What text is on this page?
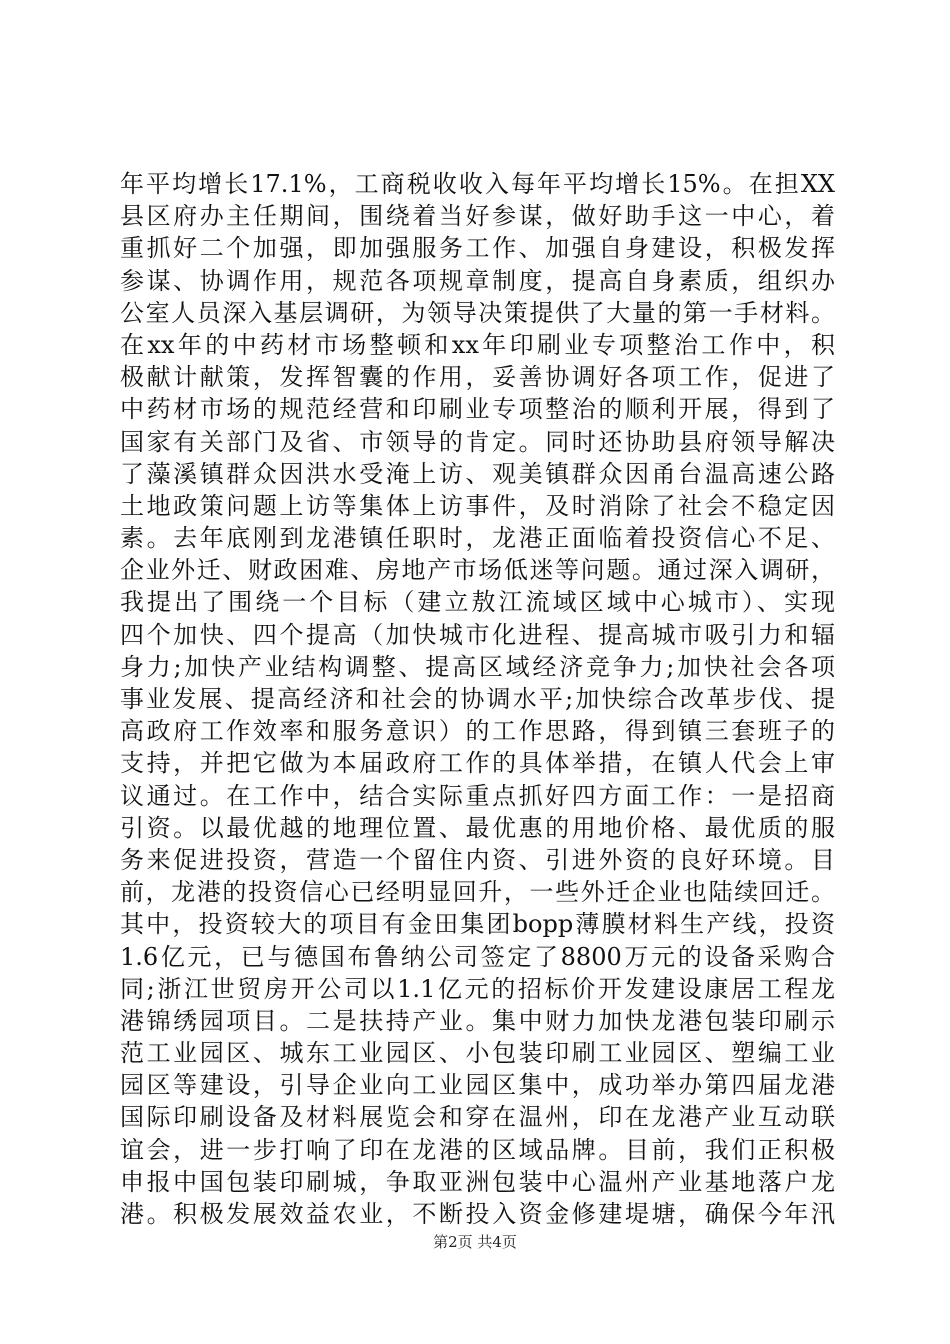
年平均增长17.1%，工商税收收入每年平均增长15%。在担XX
县区府办主任期间，围绕着当好参谋，做好助手这一中心，着
重抓好二个加强，即加强服务工作、加强自身建设，积极发挥
参谋、协调作用，规范各项规章制度，提高自身素质，组织办
公室人员深入基层调研，为领导决策提供了大量的第一手材料。
在xx年的中药材市场整顿和xx年印刷业专项整治工作中，积
极献计献策，发挥智囊的作用，妥善协调好各项工作，促进了
中药材市场的规范经营和印刷业专项整治的顺利开展，得到了
国家有关部门及省、市领导的肯定。同时还协助县府领导解决
了藻溪镇群众因洪水受淹上访、观美镇群众因甬台温高速公路
土地政策问题上访等集体上访事件，及时消除了社会不稳定因
素。去年底刚到龙港镇任职时，龙港正面临着投资信心不足、
企业外迁、财政困难、房地产市场低迷等问题。通过深入调研，
我提出了围绕一个目标（建立敖江流域区域中心城市）、实现
四个加快、四个提高（加快城市化进程、提高城市吸引力和辐
身力;加快产业结构调整、提高区域经济竞争力;加快社会各项
事业发展、提高经济和社会的协调水平;加快综合改革步伐、提
高政府工作效率和服务意识）的工作思路，得到镇三套班子的
支持，并把它做为本届政府工作的具体举措，在镇人代会上审
议通过。在工作中，结合实际重点抓好四方面工作：一是招商
引资。以最优越的地理位置、最优惠的用地价格、最优质的服
务来促进投资，营造一个留住内资、引进外资的良好环境。目
前，龙港的投资信心已经明显回升，一些外迁企业也陆续回迁。
其中，投资较大的项目有金田集团bopp薄膜材料生产线，投资
1.6亿元，已与德国布鲁纳公司签定了8800万元的设备采购合
同;浙江世贸房开公司以1.1亿元的招标价开发建设康居工程龙
港锦绣园项目。二是扶持产业。集中财力加快龙港包装印刷示
范工业园区、城东工业园区、小包装印刷工业园区、塑编工业
园区等建设，引导企业向工业园区集中，成功举办第四届龙港
国际印刷设备及材料展览会和穿在温州，印在龙港产业互动联
谊会，进一步打响了印在龙港的区域品牌。目前，我们正积极
申报中国包装印刷城，争取亚洲包装中心温州产业基地落户龙
港。积极发展效益农业，不断投入资金修建堤塘，确保今年汛
第2页 共4页
